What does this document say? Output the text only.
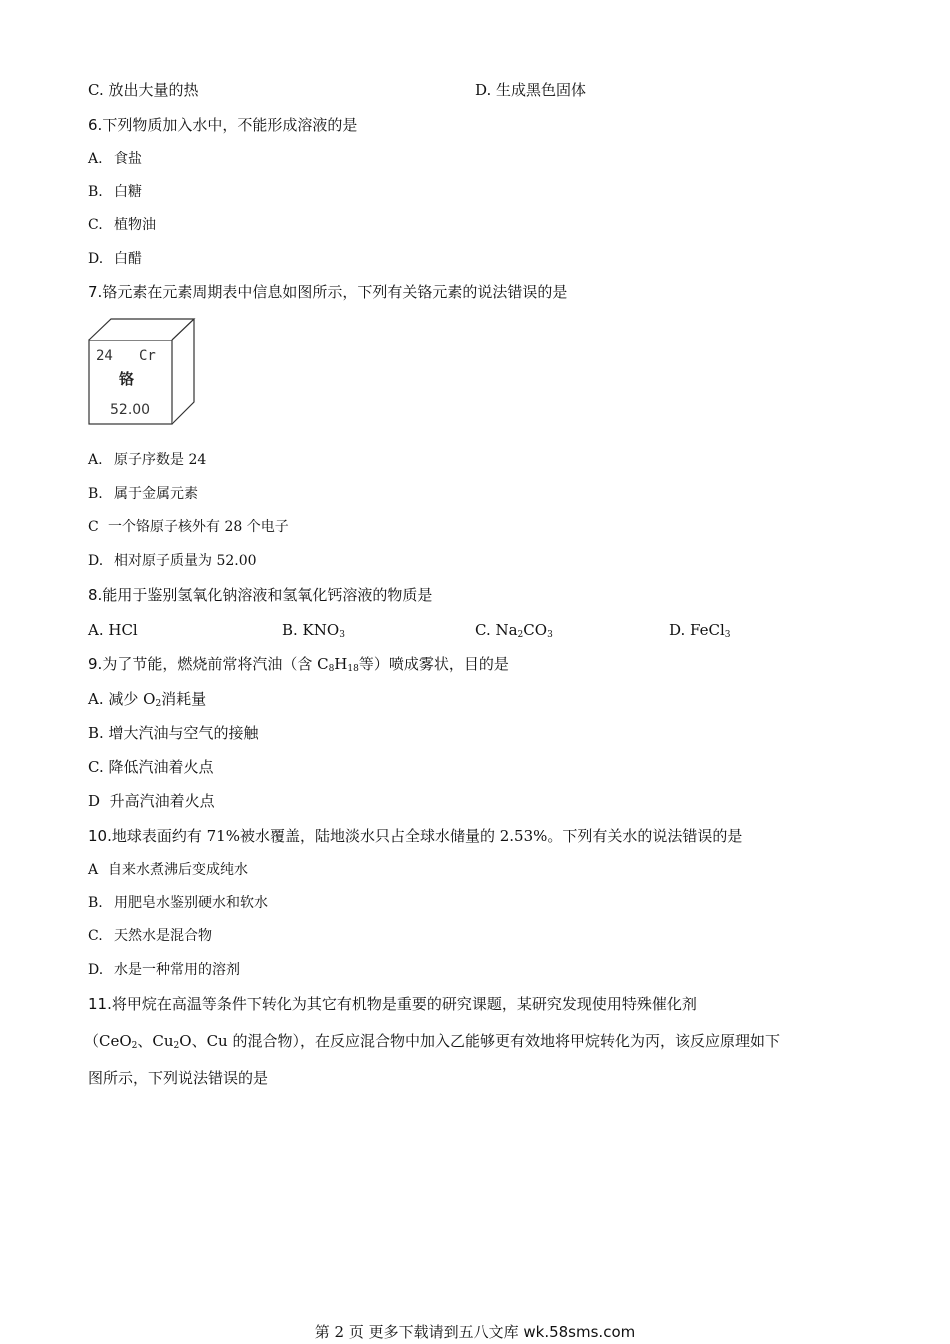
C. 放出大量的热	D. 生成黑色固体
6.下列物质加入水中，不能形成溶液的是
A. 食盐
B. 白糖
C. 植物油
D. 白醋
7.铬元素在元素周期表中信息如图所示，下列有关铬元素的说法错误的是
24 Cr
铬
52.00
A. 原子序数是 24
B. 属于金属元素
C 一个铬原子核外有 28 个电子
D. 相对原子质量为 52.00
8.能用于鉴别氢氧化钠溶液和氢氧化钙溶液的物质是
A. HCl	B. $KNO_3$	C. $Na_2CO_3$	D. FeCl$_3$
9.为了节能，燃烧前常将汽油（含 $C_8H_{18}$等）喷成雾状，目的是
A. 减少 $O_2$消耗量
B. 增大汽油与空气的接触
C. 降低汽油着火点
D  升高汽油着火点
10.地球表面约有 71%被水覆盖，陆地淡水只占全球水储量的 2.53%。下列有关水的说法错误的是
A 自来水煮沸后变成纯水
B. 用肥皂水鉴别硬水和软水
C. 天然水是混合物
D. 水是一种常用的溶剂
11.将甲烷在高温等条件下转化为其它有机物是重要的研究课题，某研究发现使用特殊催化剂
（CeO$_2$、$Cu_2O$、Cu 的混合物），在反应混合物中加入乙能够更有效地将甲烷转化为丙，该反应原理如下
图所示，下列说法错误的是
第 2 页 更多下载请到五八文库 wk.58sms.com
